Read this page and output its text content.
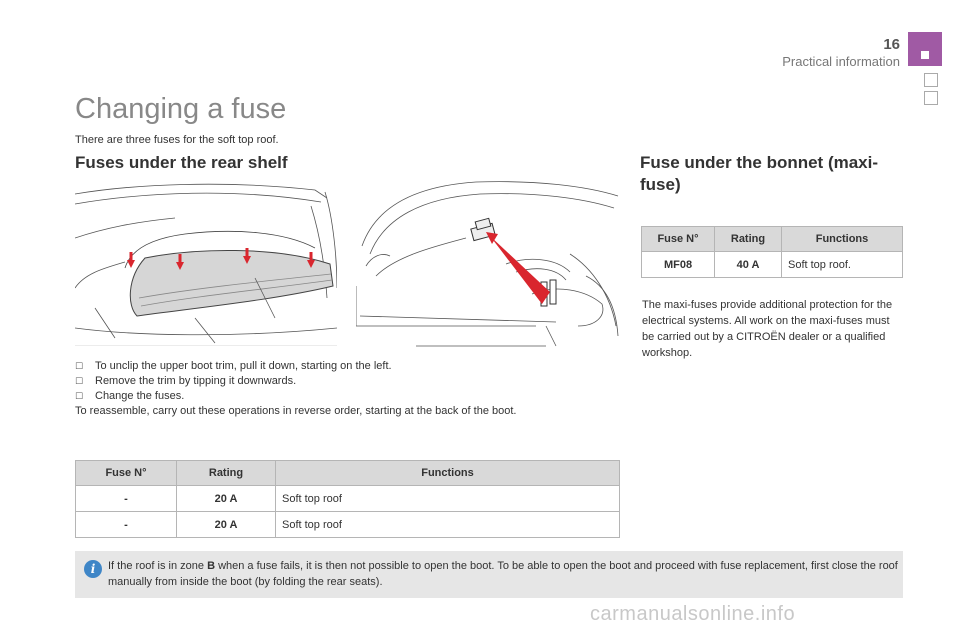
16
Practical information
Changing a fuse
There are three fuses for the soft top roof.
Fuses under the rear shelf	Fuse under the bonnet (maxi-fuse)
☐ To unclip the upper boot trim, pull it down, starting on the left.
☐ Remove the trim by tipping it downwards.
☐ Change the fuses.
To reassemble, carry out these operations in reverse order, starting at the back of the boot.
Fuse N°	Rating	Functions
-	20 A	Soft top roof
-	20 A	Soft top roof
Fuse N°	Rating	Functions
MF08	40 A	Soft top roof.
The maxi-fuses provide additional protection for the electrical systems. All work on the maxi-fuses must be carried out by a CITROËN dealer or a qualified workshop.
i	If the roof is in zone B when a fuse fails, it is then not possible to open the boot. To be able to open the boot and proceed with fuse replacement, first close the roof manually from inside the boot (by folding the rear seats).
carmanualsonline.info
